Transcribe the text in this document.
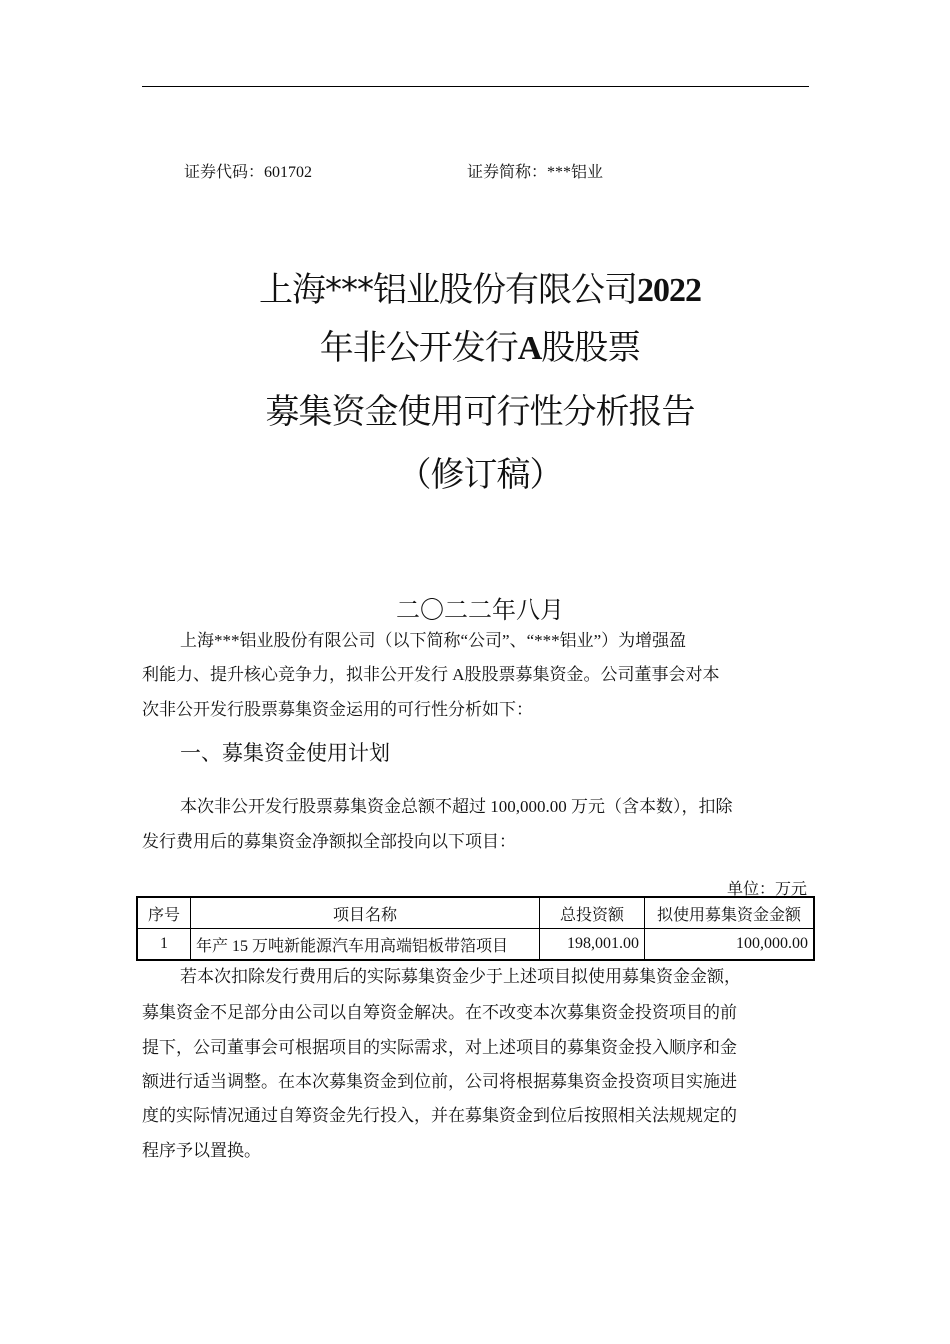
证券代码：601702	证券简称：***铝业
上海***铝业股份有限公司2022
年非公开发行A股股票
募集资金使用可行性分析报告
（修订稿）
二〇二二年八月
上海***铝业股份有限公司（以下简称“公司”、“***铝业”）为增强盈
利能力、提升核心竞争力，拟非公开发行 A股股票募集资金。公司董事会对本
次非公开发行股票募集资金运用的可行性分析如下：
一、募集资金使用计划
本次非公开发行股票募集资金总额不超过 100,000.00 万元（含本数），扣除
发行费用后的募集资金净额拟全部投向以下项目：
单位：万元
序号	项目名称	总投资额	拟使用募集资金金额
1	年产 15 万吨新能源汽车用高端铝板带箔项目	198,001.00	100,000.00
若本次扣除发行费用后的实际募集资金少于上述项目拟使用募集资金金额，
募集资金不足部分由公司以自筹资金解决。在不改变本次募集资金投资项目的前
提下，公司董事会可根据项目的实际需求，对上述项目的募集资金投入顺序和金
额进行适当调整。在本次募集资金到位前，公司将根据募集资金投资项目实施进
度的实际情况通过自筹资金先行投入，并在募集资金到位后按照相关法规规定的
程序予以置换。
